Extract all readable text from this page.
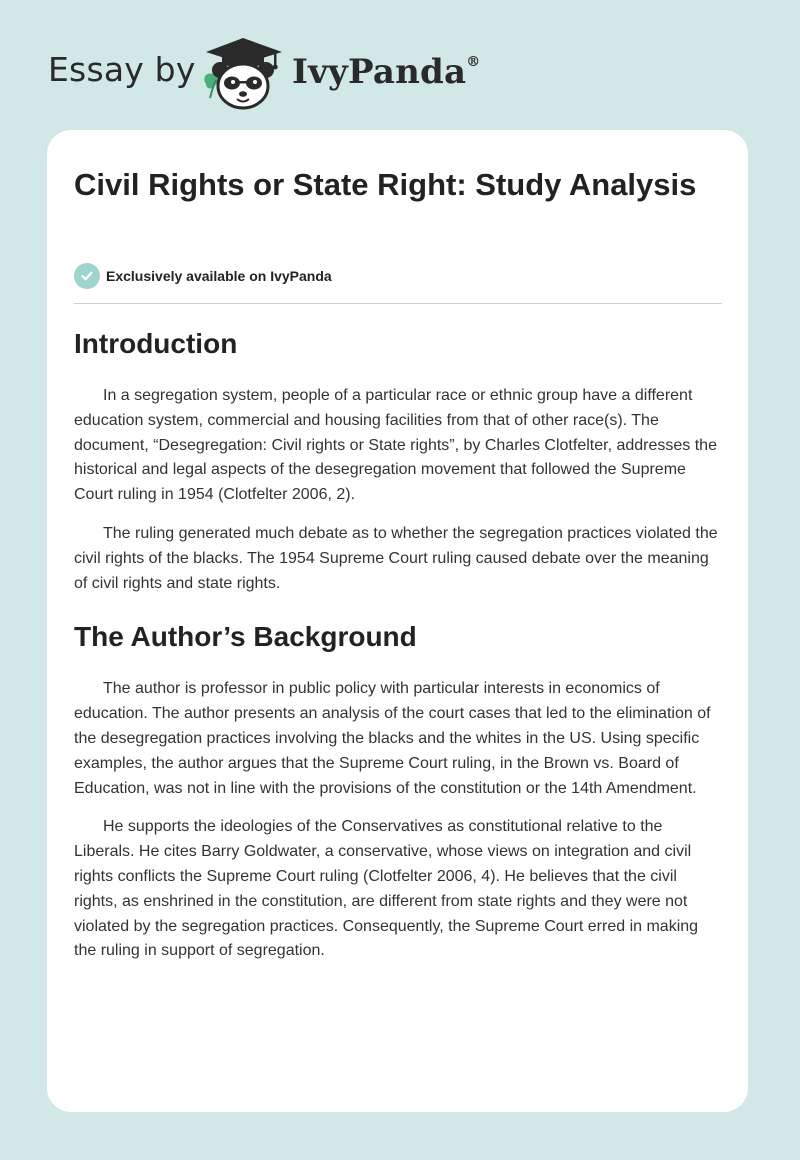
Essay by	IvyPanda®
Civil Rights or State Right: Study Analysis
Exclusively available on IvyPanda
Introduction

In a segregation system, people of a particular race or ethnic group have a different education system, commercial and housing facilities from that of other race(s). The document, “Desegregation: Civil rights or State rights”, by Charles Clotfelter, addresses the historical and legal aspects of the desegregation movement that followed the Supreme Court ruling in 1954 (Clotfelter 2006, 2).

The ruling generated much debate as to whether the segregation practices violated the civil rights of the blacks. The 1954 Supreme Court ruling caused debate over the meaning of civil rights and state rights.

The Author’s Background

The author is professor in public policy with particular interests in economics of education. The author presents an analysis of the court cases that led to the elimination of the desegregation practices involving the blacks and the whites in the US. Using specific examples, the author argues that the Supreme Court ruling, in the Brown vs. Board of Education, was not in line with the provisions of the constitution or the 14th Amendment.

He supports the ideologies of the Conservatives as constitutional relative to the Liberals. He cites Barry Goldwater, a conservative, whose views on integration and civil rights conflicts the Supreme Court ruling (Clotfelter 2006, 4). He believes that the civil rights, as enshrined in the constitution, are different from state rights and they were not violated by the segregation practices. Consequently, the Supreme Court erred in making the ruling in support of segregation.
